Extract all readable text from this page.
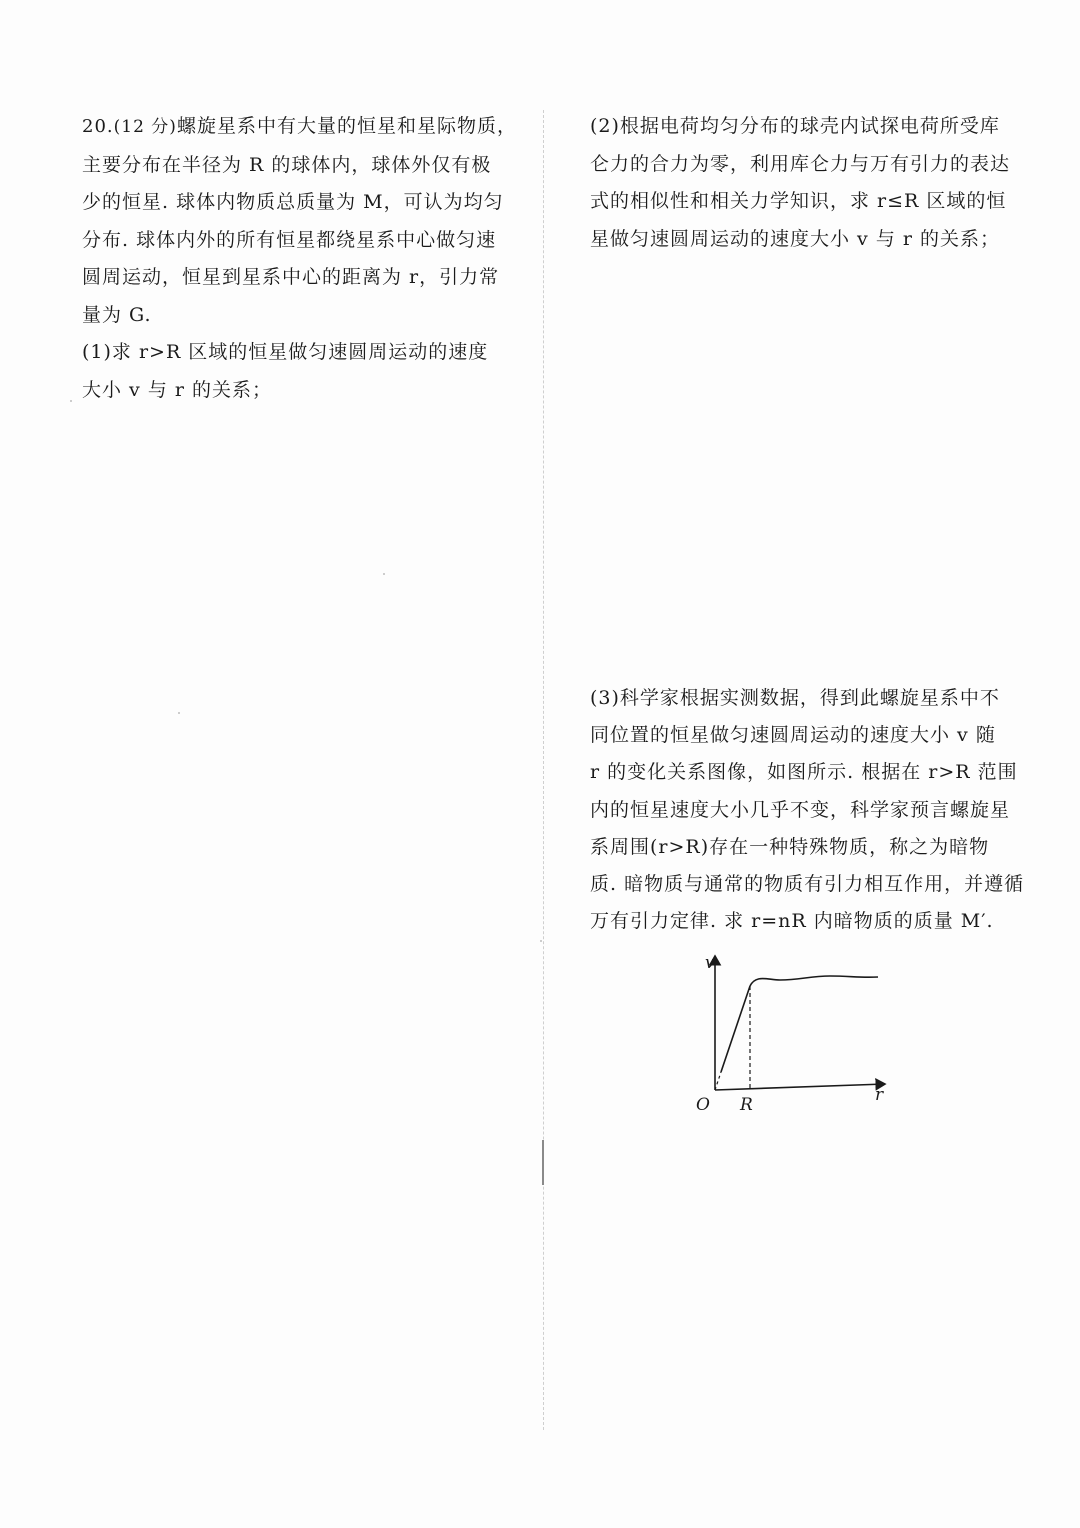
20.(12 分)螺旋星系中有大量的恒星和星际物质，

主要分布在半径为 R 的球体内，球体外仅有极

少的恒星. 球体内物质总质量为 M，可认为均匀

分布. 球体内外的所有恒星都绕星系中心做匀速

圆周运动，恒星到星系中心的距离为 r，引力常

量为 G.

(1)求 r>R 区域的恒星做匀速圆周运动的速度

大小 v 与 r 的关系；

(2)根据电荷均匀分布的球壳内试探电荷所受库

仑力的合力为零，利用库仑力与万有引力的表达

式的相似性和相关力学知识，求 r≤R 区域的恒

星做匀速圆周运动的速度大小 v 与 r 的关系；

(3)科学家根据实测数据，得到此螺旋星系中不

同位置的恒星做匀速圆周运动的速度大小 v 随

r 的变化关系图像，如图所示. 根据在 r>R 范围

内的恒星速度大小几乎不变，科学家预言螺旋星

系周围(r>R)存在一种特殊物质，称之为暗物

质. 暗物质与通常的物质有引力相互作用，并遵循

万有引力定律. 求 r=nR 内暗物质的质量 M′.

v
r
O R
